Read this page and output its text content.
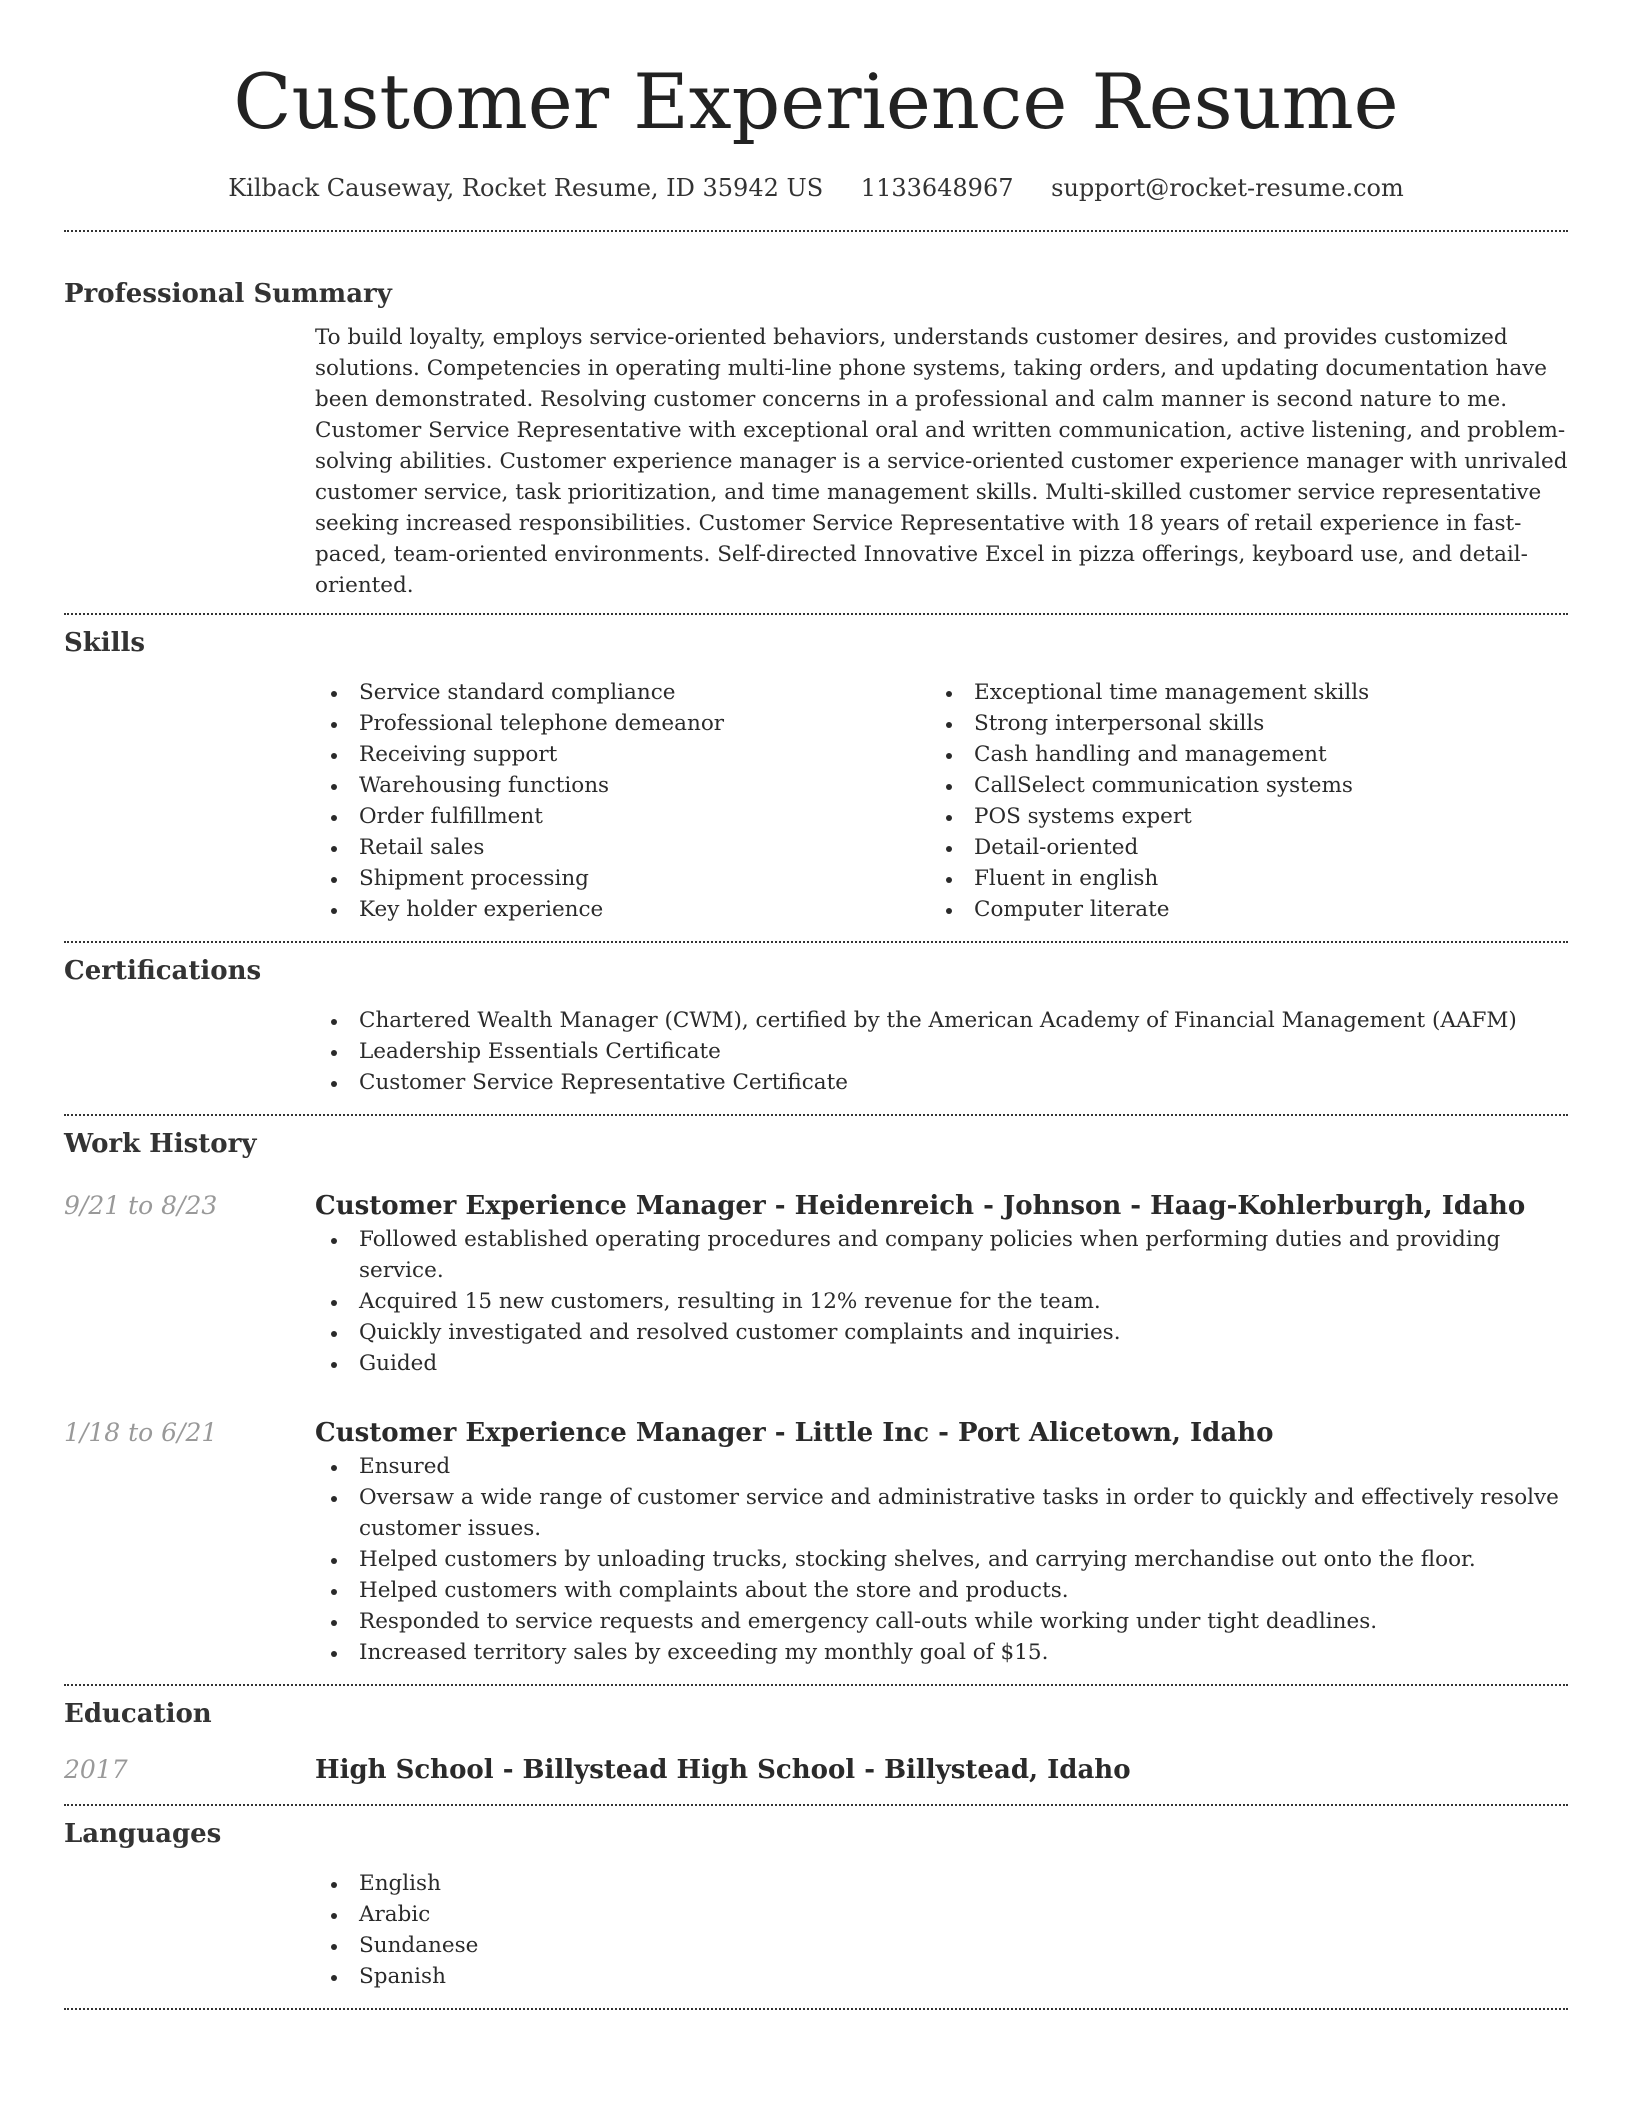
Customer Experience Resume
Kilback Causeway, Rocket Resume, ID 35942 US 1133648967 support@rocket-resume.com
Professional Summary

To build loyalty, employs service-oriented behaviors, understands customer desires, and provides customized solutions. Competencies in operating multi-line phone systems, taking orders, and updating documentation have been demonstrated. Resolving customer concerns in a professional and calm manner is second nature to me. Customer Service Representative with exceptional oral and written communication, active listening, and problem-solving abilities. Customer experience manager is a service-oriented customer experience manager with unrivaled customer service, task prioritization, and time management skills. Multi-skilled customer service representative seeking increased responsibilities. Customer Service Representative with 18 years of retail experience in fast-paced, team-oriented environments. Self-directed Innovative Excel in pizza offerings, keyboard use, and detail-oriented.

Skills
Service standard compliance
Professional telephone demeanor
Receiving support
Warehousing functions
Order fulfillment
Retail sales
Shipment processing
Key holder experience
Exceptional time management skills
Strong interpersonal skills
Cash handling and management
CallSelect communication systems
POS systems expert
Detail-oriented
Fluent in english
Computer literate
Certifications
Chartered Wealth Manager (CWM), certified by the American Academy of Financial Management (AAFM)
Leadership Essentials Certificate
Customer Service Representative Certificate
Work History
9/21 to 8/23	Customer Experience Manager - Heidenreich - Johnson - Haag-Kohlerburgh, Idaho
Followed established operating procedures and company policies when performing duties and providing service.
Acquired 15 new customers, resulting in 12% revenue for the team.
Quickly investigated and resolved customer complaints and inquiries.
Guided
1/18 to 6/21	Customer Experience Manager - Little Inc - Port Alicetown, Idaho
Ensured
Oversaw a wide range of customer service and administrative tasks in order to quickly and effectively resolve customer issues.
Helped customers by unloading trucks, stocking shelves, and carrying merchandise out onto the floor.
Helped customers with complaints about the store and products.
Responded to service requests and emergency call-outs while working under tight deadlines.
Increased territory sales by exceeding my monthly goal of $15.
Education
2017	High School - Billystead High School - Billystead, Idaho
Languages
English
Arabic
Sundanese
Spanish
